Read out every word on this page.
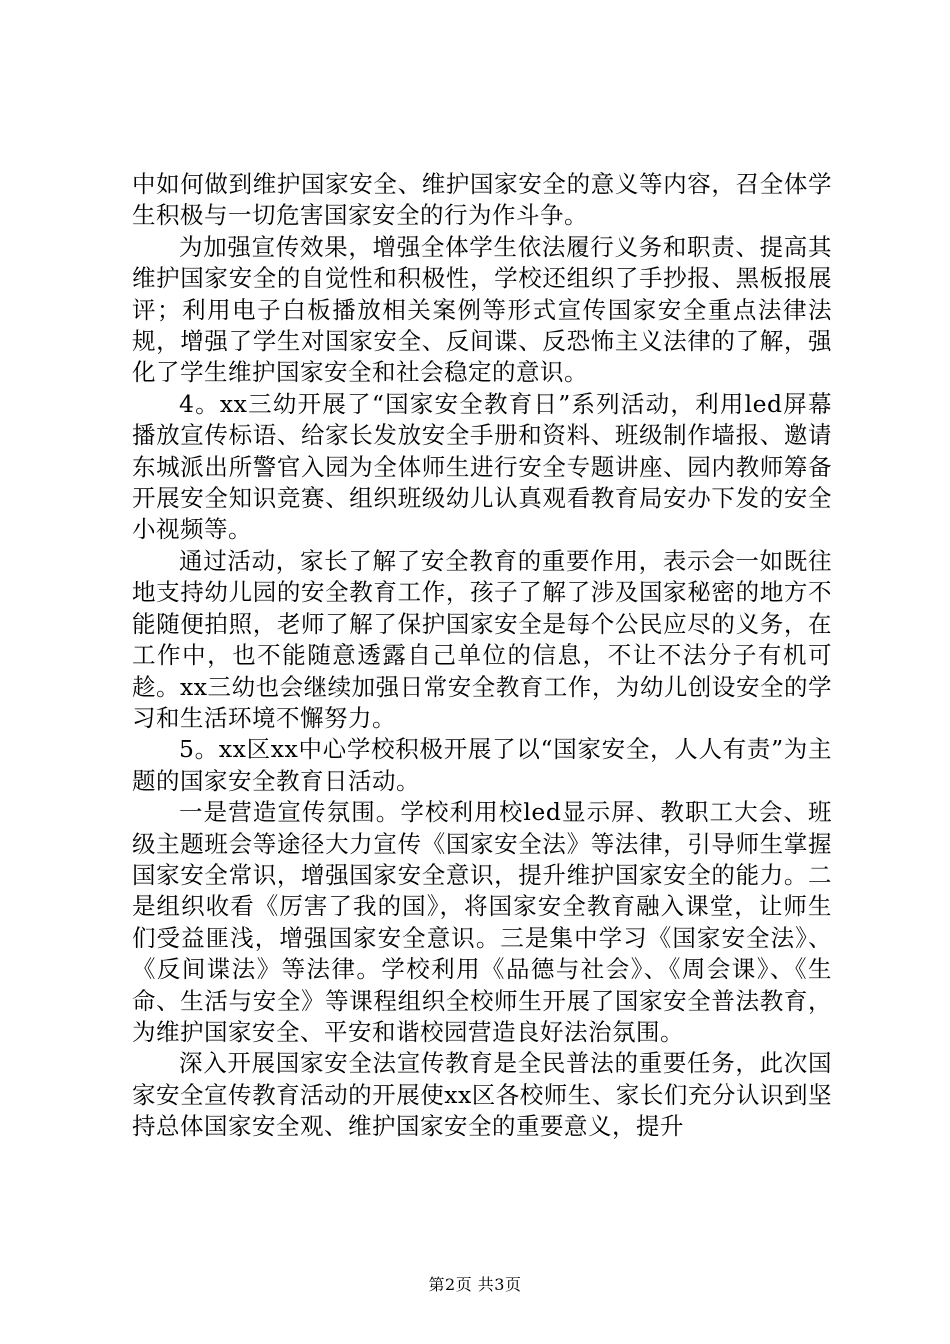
中如何做到维护国家安全、维护国家安全的意义等内容，召全体学生积极与一切危害国家安全的行为作斗争。

为加强宣传效果，增强全体学生依法履行义务和职责、提高其维护国家安全的自觉性和积极性，学校还组织了手抄报、黑板报展评；利用电子白板播放相关案例等形式宣传国家安全重点法律法规，增强了学生对国家安全、反间谍、反恐怖主义法律的了解，强化了学生维护国家安全和社会稳定的意识。

4。xx三幼开展了“国家安全教育日”系列活动，利用led屏幕播放宣传标语、给家长发放安全手册和资料、班级制作墙报、邀请东城派出所警官入园为全体师生进行安全专题讲座、园内教师筹备开展安全知识竞赛、组织班级幼儿认真观看教育局安办下发的安全小视频等。

通过活动，家长了解了安全教育的重要作用，表示会一如既往地支持幼儿园的安全教育工作，孩子了解了涉及国家秘密的地方不能随便拍照，老师了解了保护国家安全是每个公民应尽的义务，在工作中，也不能随意透露自己单位的信息，不让不法分子有机可趁。xx三幼也会继续加强日常安全教育工作，为幼儿创设安全的学习和生活环境不懈努力。

5。xx区xx中心学校积极开展了以“国家安全，人人有责”为主题的国家安全教育日活动。

一是营造宣传氛围。学校利用校led显示屏、教职工大会、班级主题班会等途径大力宣传《国家安全法》等法律，引导师生掌握国家安全常识，增强国家安全意识，提升维护国家安全的能力。二是组织收看《厉害了我的国》，将国家安全教育融入课堂，让师生们受益匪浅，增强国家安全意识。三是集中学习《国家安全法》、《反间谍法》等法律。学校利用《品德与社会》、《周会课》、《生命、生活与安全》等课程组织全校师生开展了国家安全普法教育，为维护国家安全、平安和谐校园营造良好法治氛围。

深入开展国家安全法宣传教育是全民普法的重要任务，此次国家安全宣传教育活动的开展使xx区各校师生、家长们充分认识到坚持总体国家安全观、维护国家安全的重要意义，提升

第2页 共3页
